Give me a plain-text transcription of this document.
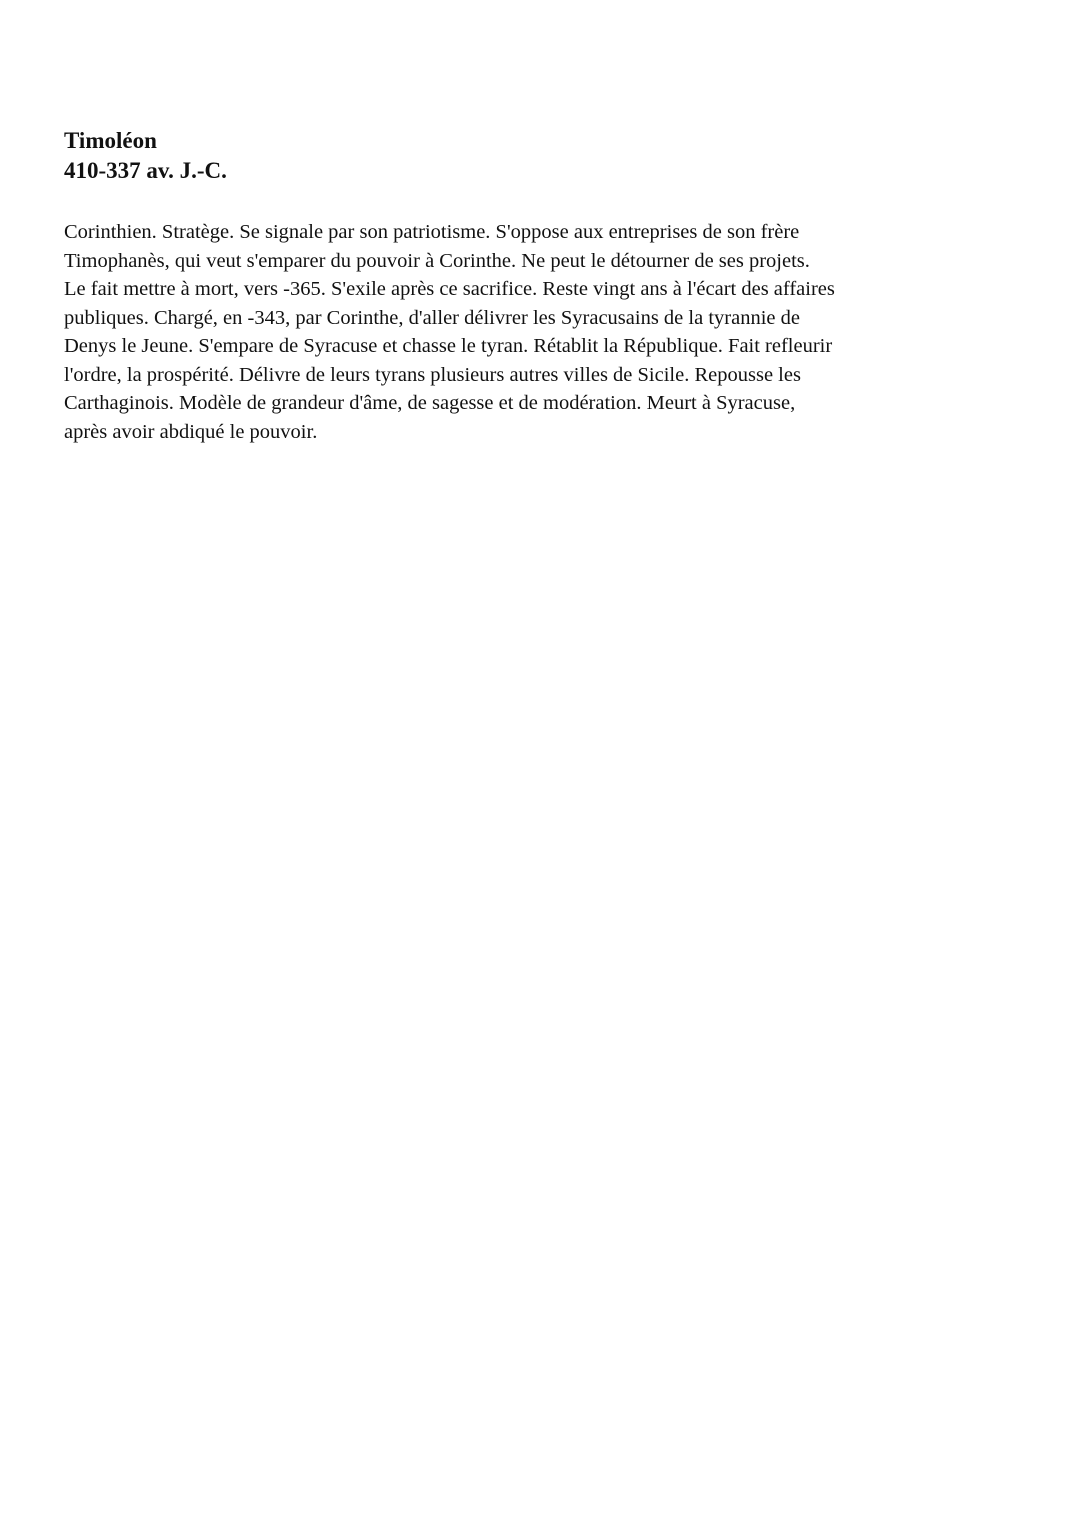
Timoléon
410-337 av. J.-C.
Corinthien. Stratège. Se signale par son patriotisme. S'oppose aux entreprises de son frère
Timophanès, qui veut s'emparer du pouvoir à Corinthe. Ne peut le détourner de ses projets.
Le fait mettre à mort, vers -365. S'exile après ce sacrifice. Reste vingt ans à l'écart des affaires
publiques. Chargé, en -343, par Corinthe, d'aller délivrer les Syracusains de la tyrannie de
Denys le Jeune. S'empare de Syracuse et chasse le tyran. Rétablit la République. Fait refleurir
l'ordre, la prospérité. Délivre de leurs tyrans plusieurs autres villes de Sicile. Repousse les
Carthaginois. Modèle de grandeur d'âme, de sagesse et de modération. Meurt à Syracuse,
après avoir abdiqué le pouvoir.
